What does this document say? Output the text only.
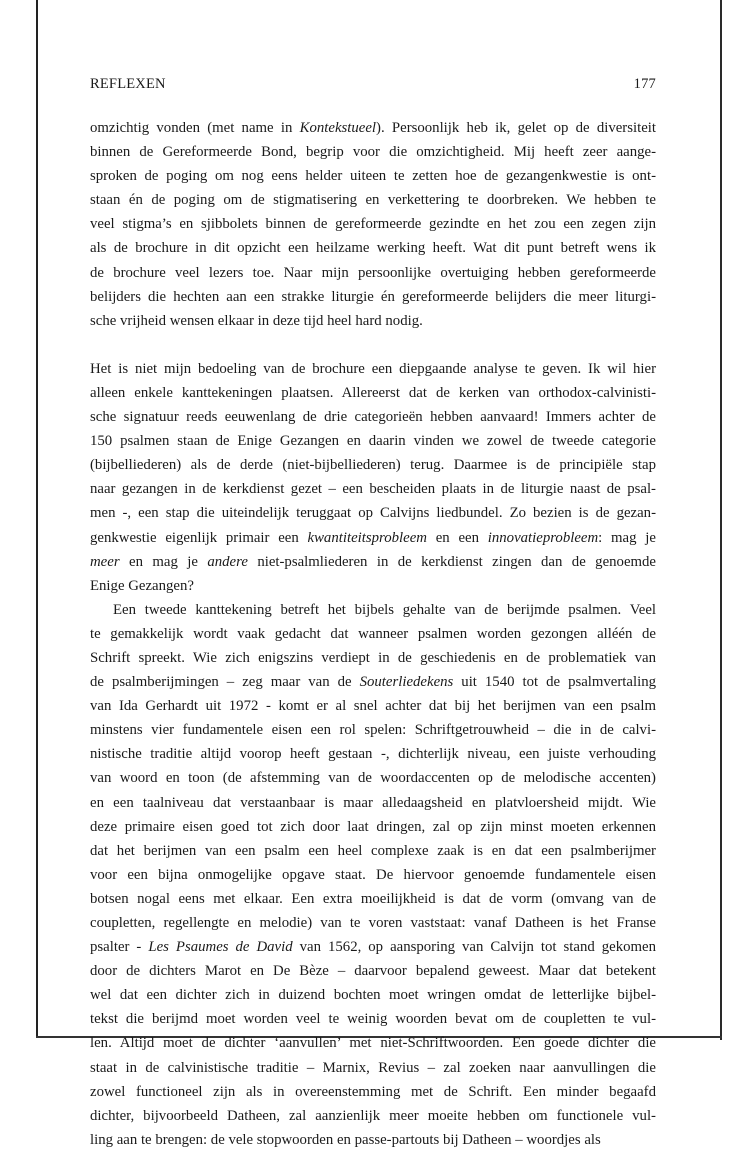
REFLEXEN	177
omzichtig vonden (met name in Kontekstueel). Persoonlijk heb ik, gelet op de diversiteit
binnen de Gereformeerde Bond, begrip voor die omzichtigheid. Mij heeft zeer aange-
sproken de poging om nog eens helder uiteen te zetten hoe de gezangenkwestie is ont-
staan én de poging om de stigmatisering en verkettering te doorbreken. We hebben te
veel stigma’s en sjibbolets binnen de gereformeerde gezindte en het zou een zegen zijn
als de brochure in dit opzicht een heilzame werking heeft. Wat dit punt betreft wens ik
de brochure veel lezers toe. Naar mijn persoonlijke overtuiging hebben gereformeerde
belijders die hechten aan een strakke liturgie én gereformeerde belijders die meer liturgi-
sche vrijheid wensen elkaar in deze tijd heel hard nodig.
Het is niet mijn bedoeling van de brochure een diepgaande analyse te geven. Ik wil hier
alleen enkele kanttekeningen plaatsen. Allereerst dat de kerken van orthodox-calvinisti-
sche signatuur reeds eeuwenlang de drie categorieën hebben aanvaard! Immers achter de
150 psalmen staan de Enige Gezangen en daarin vinden we zowel de tweede categorie
(bijbelliederen) als de derde (niet-bijbelliederen) terug. Daarmee is de principiële stap
naar gezangen in de kerkdienst gezet – een bescheiden plaats in de liturgie naast de psal-
men -, een stap die uiteindelijk teruggaat op Calvijns liedbundel. Zo bezien is de gezan-
genkwestie eigenlijk primair een kwantiteitsprobleem en een innovatieprobleem: mag je
meer en mag je andere niet-psalmliederen in de kerkdienst zingen dan de genoemde
Enige Gezangen?
Een tweede kanttekening betreft het bijbels gehalte van de berijmde psalmen. Veel
te gemakkelijk wordt vaak gedacht dat wanneer psalmen worden gezongen alléén de
Schrift spreekt. Wie zich enigszins verdiept in de geschiedenis en de problematiek van
de psalmberijmingen – zeg maar van de Souterliedekens uit 1540 tot de psalmvertaling
van Ida Gerhardt uit 1972 - komt er al snel achter dat bij het berijmen van een psalm
minstens vier fundamentele eisen een rol spelen: Schriftgetrouwheid – die in de calvi-
nistische traditie altijd voorop heeft gestaan -, dichterlijk niveau, een juiste verhouding
van woord en toon (de afstemming van de woordaccenten op de melodische accenten)
en een taalniveau dat verstaanbaar is maar alledaagsheid en platvloersheid mijdt. Wie
deze primaire eisen goed tot zich door laat dringen, zal op zijn minst moeten erkennen
dat het berijmen van een psalm een heel complexe zaak is en dat een psalmberijmer
voor een bijna onmogelijke opgave staat. De hiervoor genoemde fundamentele eisen
botsen nogal eens met elkaar. Een extra moeilijkheid is dat de vorm (omvang van de
coupletten, regellengte en melodie) van te voren vaststaat: vanaf Datheen is het Franse
psalter - Les Psaumes de David van 1562, op aansporing van Calvijn tot stand gekomen
door de dichters Marot en De Bèze – daarvoor bepalend geweest. Maar dat betekent
wel dat een dichter zich in duizend bochten moet wringen omdat de letterlijke bijbel-
tekst die berijmd moet worden veel te weinig woorden bevat om de coupletten te vul-
len. Altijd moet de dichter ‘aanvullen’ met niet-Schriftwoorden. Een goede dichter die
staat in de calvinistische traditie – Marnix, Revius – zal zoeken naar aanvullingen die
zowel functioneel zijn als in overeenstemming met de Schrift. Een minder begaafd
dichter, bijvoorbeeld Datheen, zal aanzienlijk meer moeite hebben om functionele vul-
ling aan te brengen: de vele stopwoorden en passe-partouts bij Datheen – woordjes als
